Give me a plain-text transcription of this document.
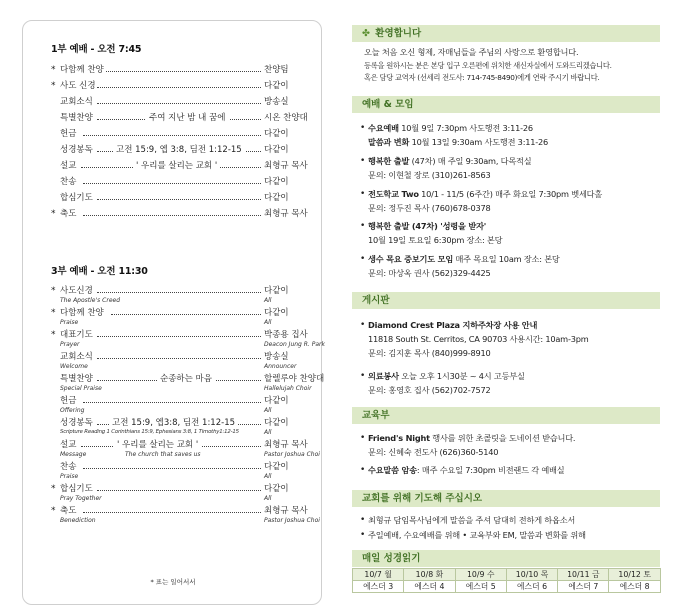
1부 예배 - 오전 7:45
* 다함께 찬양	찬양팀
* 사도 신경	다같이
교회소식	방송실
특별찬양	주여 지난 밤 내 꿈에	시온 찬양대
헌금	다같이
성경봉독	고전 15:9, 엡 3:8, 딤전 1:12-15	다같이
설교	' 우리를 살리는 교회 '	최형규 목사
찬송	다같이
합심기도	다같이
* 축도	최형규 목사
3부 예배 - 오전 11:30
* 사도신경	다같이
The Apostle's Creed	All
* 다함께 찬양	다같이
Praise	All
* 대표기도	박종용 집사
Prayer	Deacon Jung R. Park
교회소식	방송실
Welcome	Announcer
특별찬양	순종하는 마음	할렐루야 찬양대
Special Praise	Hallelujah Choir
헌금	다같이
Offering	All
성경봉독	고전 15:9, 엡3:8, 딤전 1:12-15	다같이
Scripture Reading 1 Corinthians 15:9, Ephesians 3:8, 1 Timothy1:12-15	All
설교	' 우리를 살리는 교회 '	최형규 목사
Message	The church that saves us	Pastor Joshua Choi
찬송	다같이
Praise	All
* 합심기도	다같이
Pray Together	All
* 축도	최형규 목사
Benediction	Pastor Joshua Choi
* 표는 일어서서
✤ 환영합니다
오늘 처음 오신 형제, 자매님들을 주님의 사랑으로 환영합니다.
등록을 원하시는 분은 본당 입구 오른편에 위치한 새신자실에서 도와드리겠습니다.
혹은 담당 교역자 (선세리 전도사: 714-745-8490)에게 연락 주시기 바랍니다.
예배 & 모임
• 수요예배 10월 9일 7:30pm 사도행전 3:11-26
말씀과 변화 10월 13일 9:30am 사도행전 3:11-26
• 행복한 출발 (47차) 매 주일 9:30am, 다목적실
문의: 이현철 장로 (310)261-8563
• 전도학교 Two 10/1 - 11/5 (6주간) 매주 화요일 7:30pm 벳세다홀
문의: 정두진 목사 (760)678-0378
• 행복한 출발 (47차) '성령을 받자'
10월 19일 토요일 6:30pm 장소: 본당
• 생수 목요 중보기도 모임 매주 목요일 10am 장소: 본당
문의: 마상옥 권사 (562)329-4425
게시판
• Diamond Crest Plaza 지하주차장 사용 안내
11818 South St. Cerritos, CA 90703 사용시간: 10am-3pm
문의: 김지훈 목사 (840)999-8910
• 의료봉사 오늘 오후 1시30분 ~ 4시 고등부실
문의: 홍영호 집사 (562)702-7572
교육부
• Friend's Night 행사를 위한 초콜릿을 도네이션 받습니다.
문의: 신혜숙 전도사 (626)360-5140
• 수요말씀 암송: 매주 수요일 7:30pm 비전랜드 각 예배실
교회를 위해 기도해 주십시오
• 최형규 담임목사님에게 말씀을 주셔 담대히 전하게 하옵소서
• 주일예배, 수요예배를 위해 • 교육부와 EM, 말씀과 변화를 위해
매일 성경읽기
10/7 월	10/8 화	10/9 수	10/10 목	10/11 금	10/12 토
에스더 3	에스더 4	에스더 5	에스더 6	에스더 7	에스더 8
